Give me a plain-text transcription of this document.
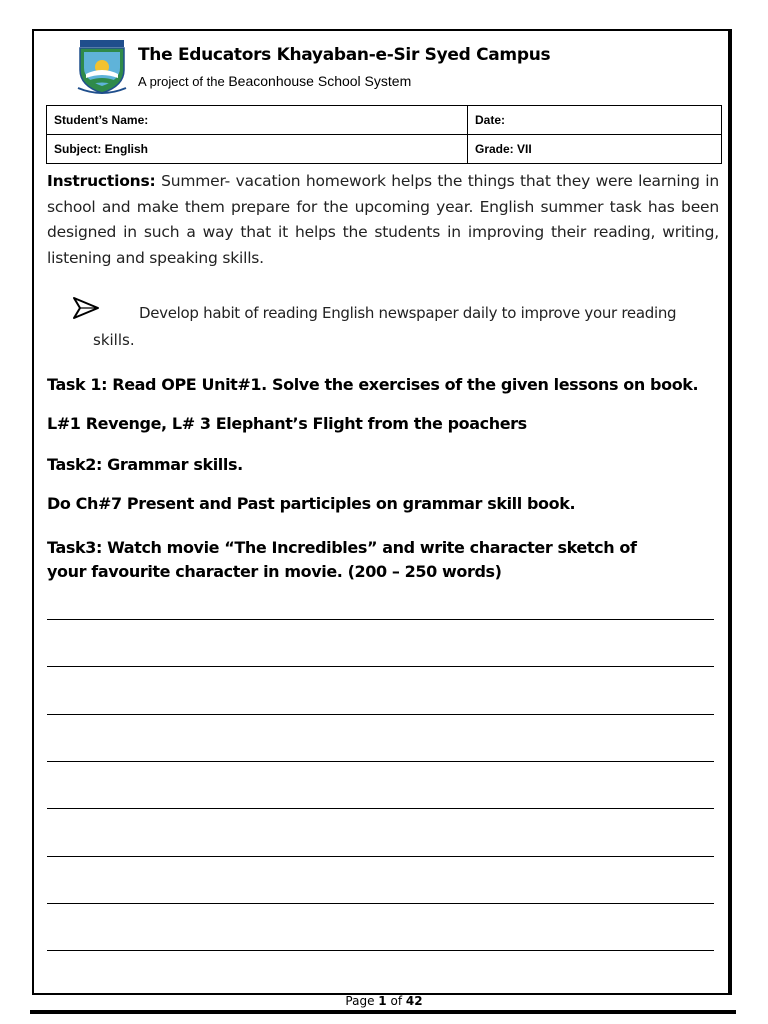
The Educators Khayaban-e-Sir Syed Campus
A project of the Beaconhouse School System
Student’s Name:	Date:
Subject: English	Grade: VII
Instructions: Summer- vacation homework helps the things that they were learning in school and make them prepare for the upcoming year. English summer task has been designed in such a way that it helps the students in improving their reading, writing, listening and speaking skills.
Develop habit of reading English newspaper daily to improve your reading
skills.
Task 1: Read OPE Unit#1. Solve the exercises of the given lessons on book.
L#1 Revenge, L# 3 Elephant’s Flight from the poachers
Task2: Grammar skills.
Do Ch#7 Present and Past participles on grammar skill book.
Task3: Watch movie “The Incredibles” and write character sketch of
your favourite character in movie. (200 – 250 words)
Page 1 of 42
